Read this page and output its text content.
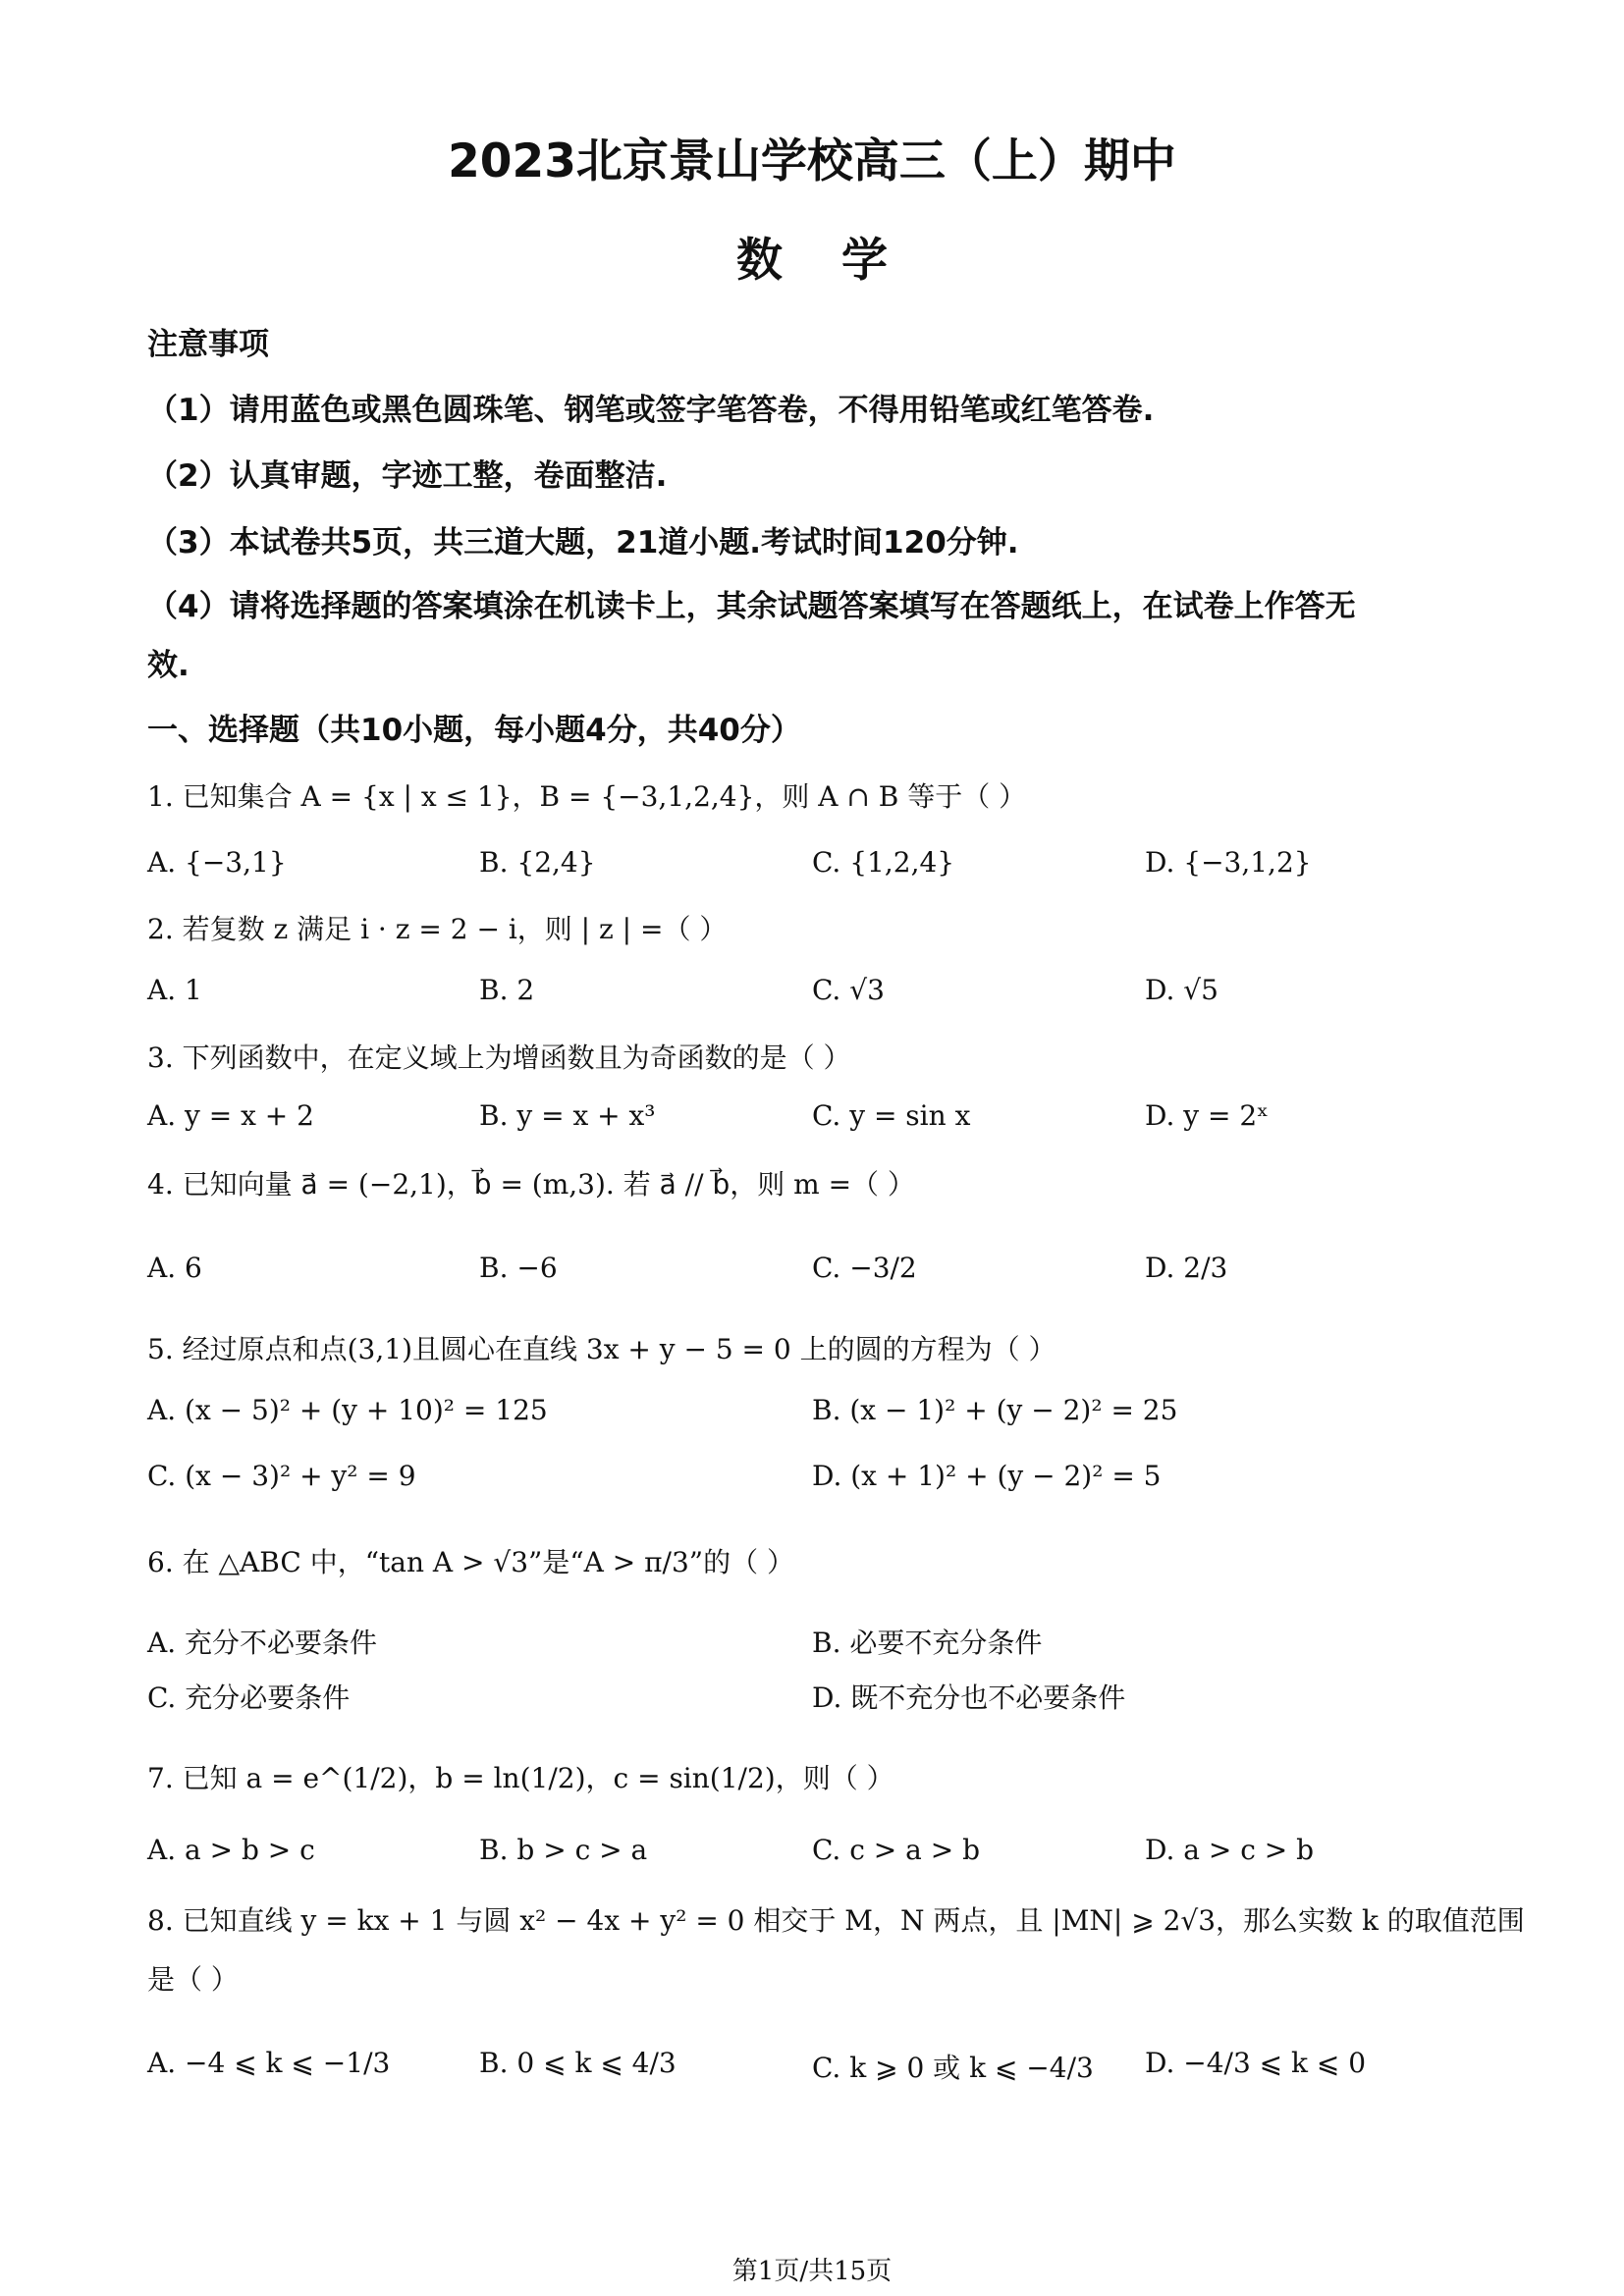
2023北京景山学校高三（上）期中
数学
注意事项
（1）请用蓝色或黑色圆珠笔、钢笔或签字笔答卷，不得用铅笔或红笔答卷.
（2）认真审题，字迹工整，卷面整洁.
（3）本试卷共5页，共三道大题，21道小题.考试时间120分钟.
（4）请将选择题的答案填涂在机读卡上，其余试题答案填写在答题纸上，在试卷上作答无
效.
一、选择题（共10小题，每小题4分，共40分）
1. 已知集合 A = {x | x ≤ 1}，B = {−3,1,2,4}，则 A ∩ B 等于（ ）
A. {−3,1}	B. {2,4}	C. {1,2,4}	D. {−3,1,2}
2. 若复数 z 满足 i · z = 2 − i，则 | z | =（ ）
A. 1	B. 2	C. √3	D. √5
3. 下列函数中，在定义域上为增函数且为奇函数的是（ ）
A. y = x + 2	B. y = x + x³	C. y = sin x	D. y = 2ˣ
4. 已知向量 a⃗ = (−2,1)，b⃗ = (m,3). 若 a⃗ // b⃗，则 m =（ ）
A. 6	B. −6	C. −3/2	D. 2/3
5. 经过原点和点(3,1)且圆心在直线 3x + y − 5 = 0 上的圆的方程为（ ）
A. (x − 5)² + (y + 10)² = 125	B. (x − 1)² + (y − 2)² = 25
C. (x − 3)² + y² = 9	D. (x + 1)² + (y − 2)² = 5
6. 在 △ABC 中，“tan A > √3”是“A > π/3”的（ ）
A. 充分不必要条件	B. 必要不充分条件
C. 充分必要条件	D. 既不充分也不必要条件
7. 已知 a = e^(1/2)，b = ln(1/2)，c = sin(1/2)，则（ ）
A. a > b > c	B. b > c > a	C. c > a > b	D. a > c > b
8. 已知直线 y = kx + 1 与圆 x² − 4x + y² = 0 相交于 M，N 两点，且 |MN| ⩾ 2√3，那么实数 k 的取值范围
是（ ）
A. −4 ⩽ k ⩽ −1/3	B. 0 ⩽ k ⩽ 4/3	C. k ⩾ 0 或 k ⩽ −4/3 D. −4/3 ⩽ k ⩽ 0
第1页/共15页
